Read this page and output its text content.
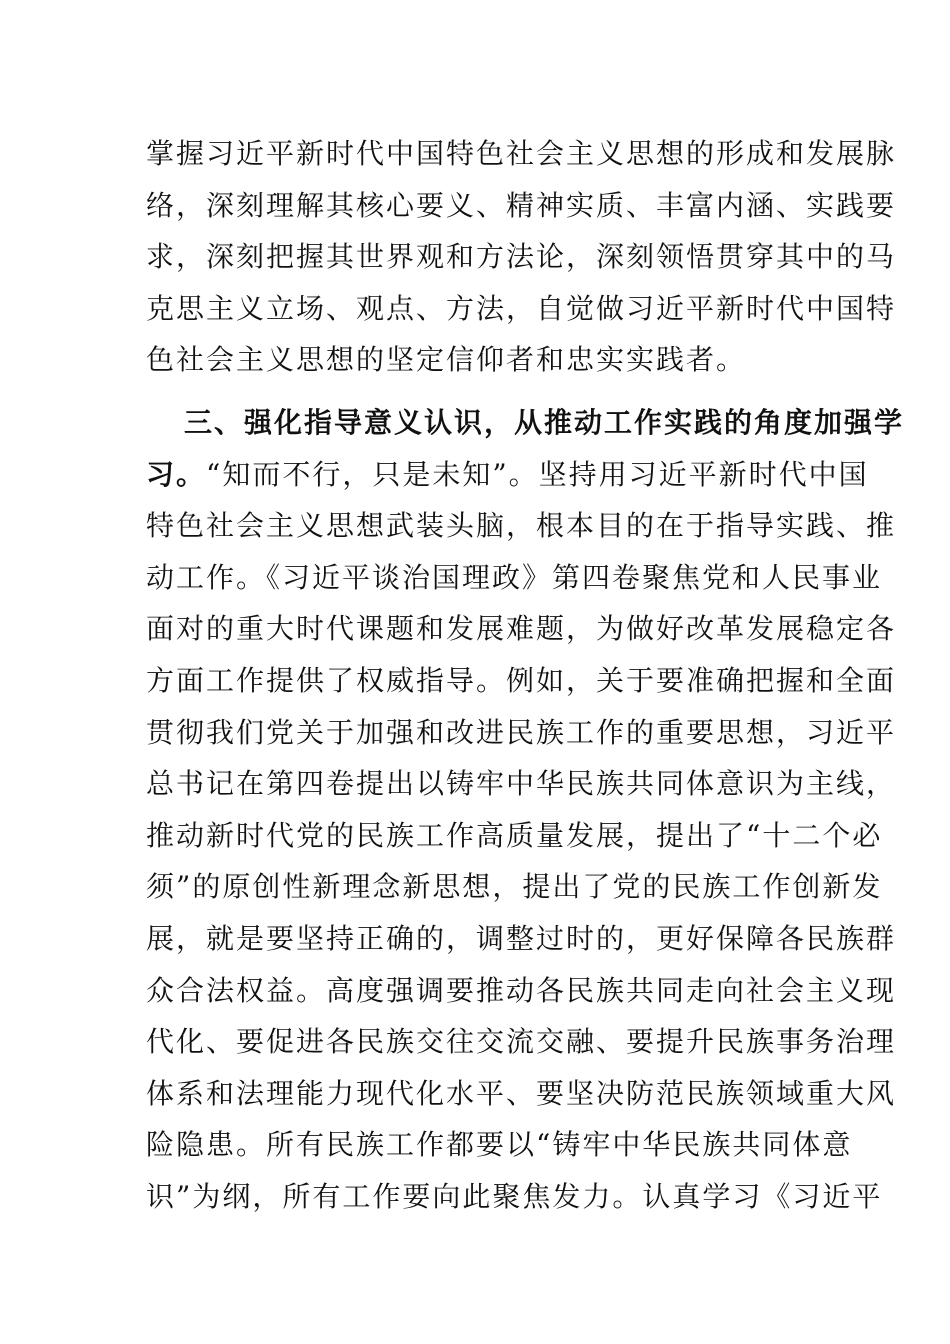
掌握习近平新时代中国特色社会主义思想的形成和发展脉
络，深刻理解其核心要义、精神实质、丰富内涵、实践要
求，深刻把握其世界观和方法论，深刻领悟贯穿其中的马
克思主义立场、观点、方法，自觉做习近平新时代中国特
色社会主义思想的坚定信仰者和忠实实践者。
三、强化指导意义认识，从推动工作实践的角度加强学
习。“知而不行，只是未知”。坚持用习近平新时代中国
特色社会主义思想武装头脑，根本目的在于指导实践、推
动工作。《习近平谈治国理政》第四卷聚焦党和人民事业
面对的重大时代课题和发展难题，为做好改革发展稳定各
方面工作提供了权威指导。例如，关于要准确把握和全面
贯彻我们党关于加强和改进民族工作的重要思想，习近平
总书记在第四卷提出以铸牢中华民族共同体意识为主线，
推动新时代党的民族工作高质量发展，提出了“十二个必
须”的原创性新理念新思想，提出了党的民族工作创新发
展，就是要坚持正确的，调整过时的，更好保障各民族群
众合法权益。高度强调要推动各民族共同走向社会主义现
代化、要促进各民族交往交流交融、要提升民族事务治理
体系和法理能力现代化水平、要坚决防范民族领域重大风
险隐患。所有民族工作都要以“铸牢中华民族共同体意
识”为纲，所有工作要向此聚焦发力。认真学习《习近平
